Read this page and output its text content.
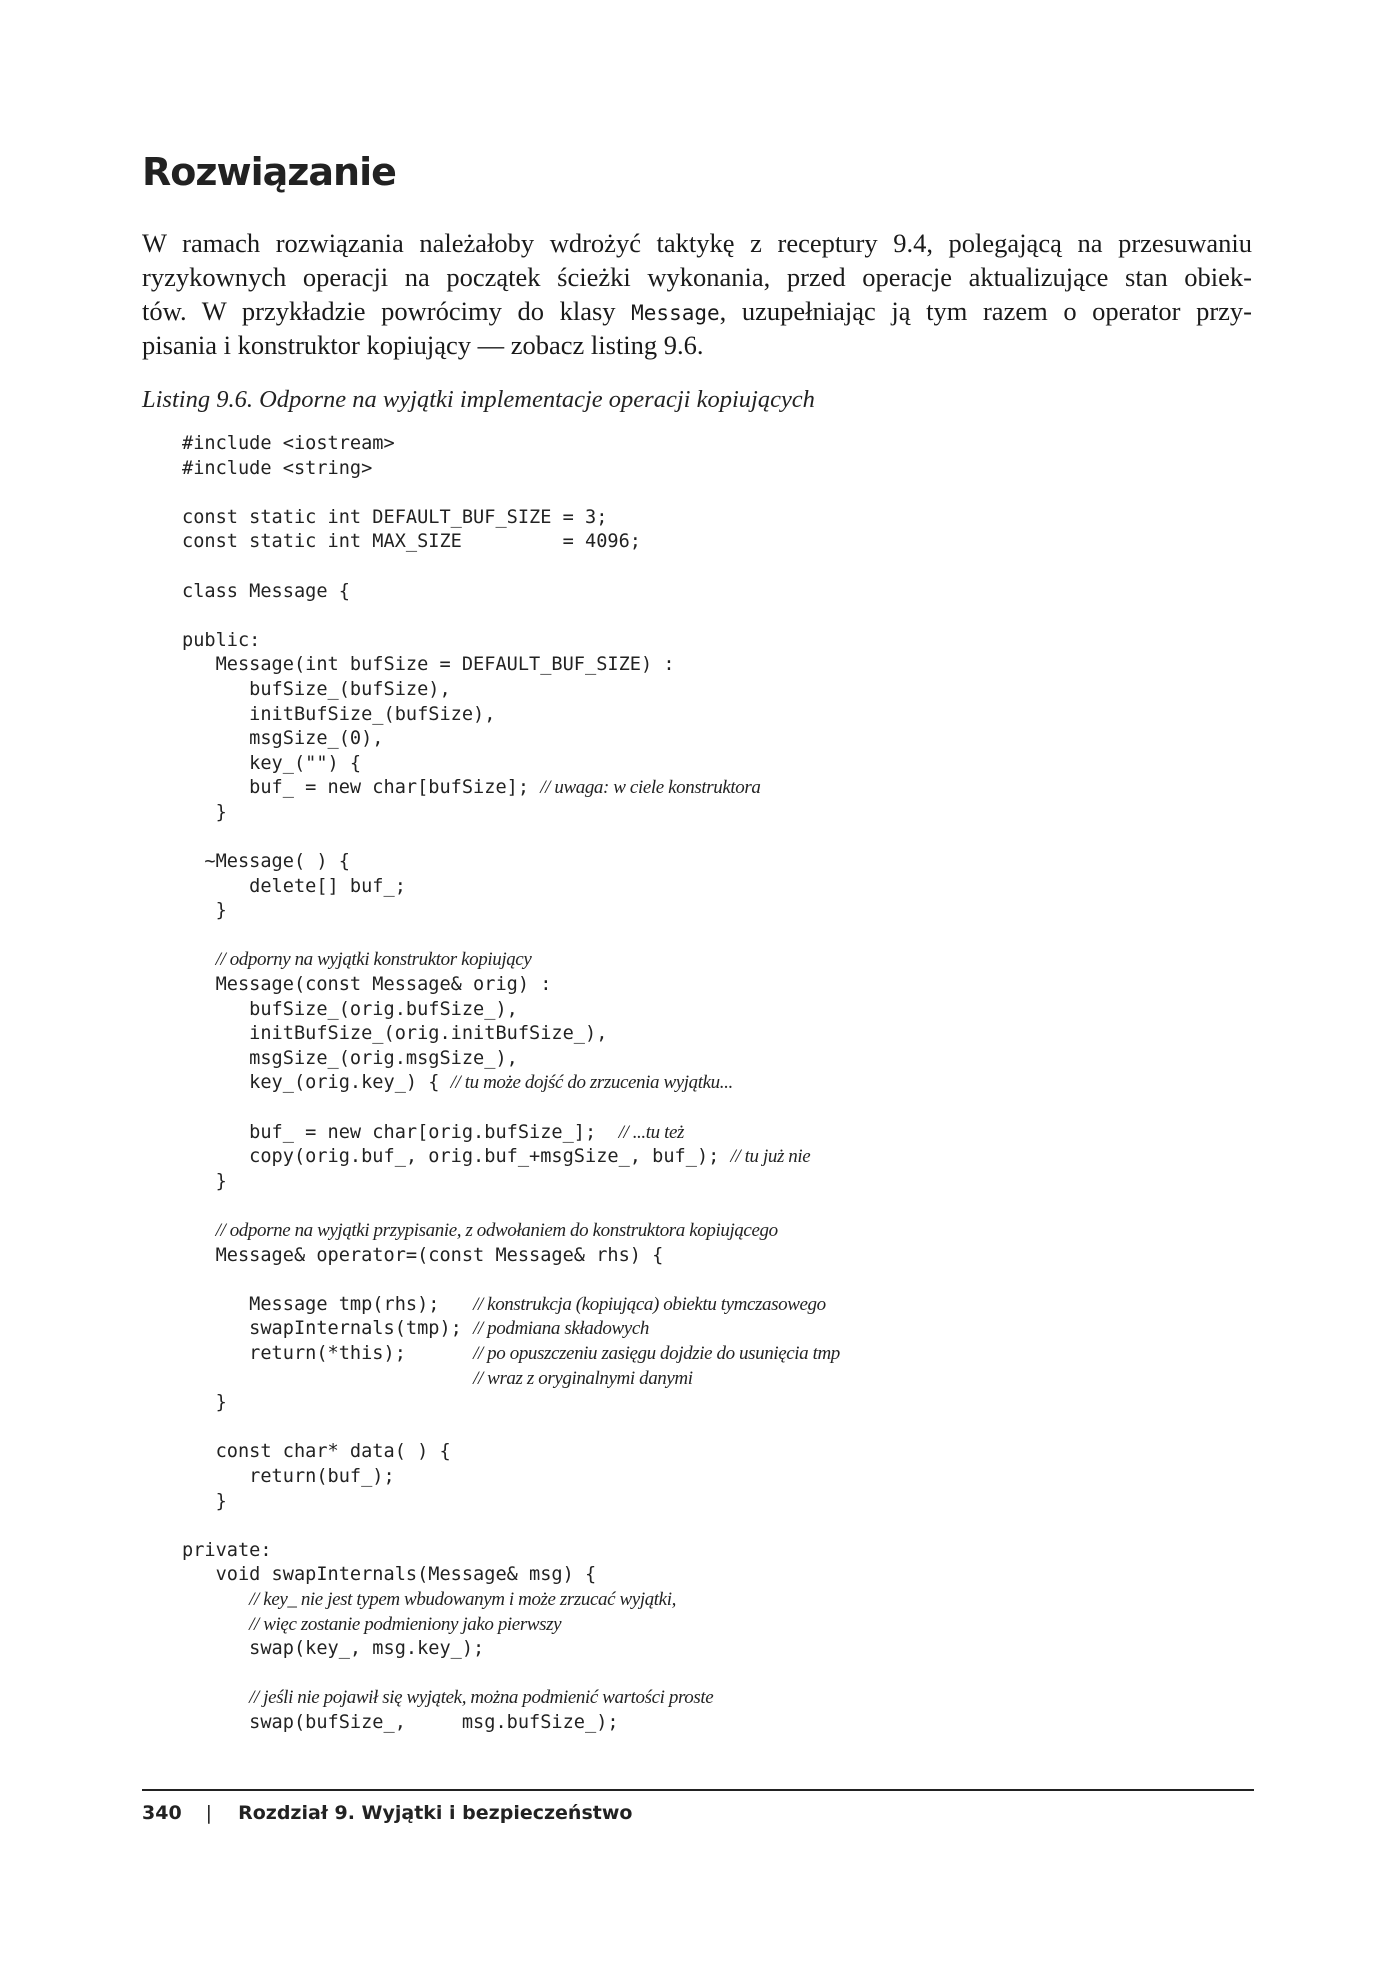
Rozwiązanie
W ramach rozwiązania należałoby wdrożyć taktykę z receptury 9.4, polegającą na przesuwaniu
ryzykownych operacji na początek ścieżki wykonania, przed operacje aktualizujące stan obiek-
tów. W przykładzie powrócimy do klasy Message, uzupełniając ją tym razem o operator przy-
pisania i konstruktor kopiujący — zobacz listing 9.6.
Listing 9.6. Odporne na wyjątki implementacje operacji kopiujących
#include <iostream>
#include <string>
const static int DEFAULT_BUF_SIZE = 3;
const static int MAX_SIZE         = 4096;
class Message {
public:
Message(int bufSize = DEFAULT_BUF_SIZE) :
bufSize_(bufSize),
initBufSize_(bufSize),
msgSize_(0),
key_("") {
buf_ = new char[bufSize]; // uwaga: w ciele konstruktora
}
~Message( ) {
delete[] buf_;
}
// odporny na wyjątki konstruktor kopiujący
Message(const Message& orig) :
bufSize_(orig.bufSize_),
initBufSize_(orig.initBufSize_),
msgSize_(orig.msgSize_),
key_(orig.key_) { // tu może dojść do zrzucenia wyjątku...
buf_ = new char[orig.bufSize_];  // ...tu też
copy(orig.buf_, orig.buf_+msgSize_, buf_); // tu już nie
}
// odporne na wyjątki przypisanie, z odwołaniem do konstruktora kopiującego
Message& operator=(const Message& rhs) {
Message tmp(rhs);   // konstrukcja (kopiująca) obiektu tymczasowego
swapInternals(tmp); // podmiana składowych
return(*this);      // po opuszczeniu zasięgu dojdzie do usunięcia tmp
// wraz z oryginalnymi danymi
}
const char* data( ) {
return(buf_);
}
private:
void swapInternals(Message& msg) {
// key_ nie jest typem wbudowanym i może zrzucać wyjątki,
// więc zostanie podmieniony jako pierwszy
swap(key_, msg.key_);
// jeśli nie pojawił się wyjątek, można podmienić wartości proste
swap(bufSize_,     msg.bufSize_);
340 | Rozdział 9. Wyjątki i bezpieczeństwo
